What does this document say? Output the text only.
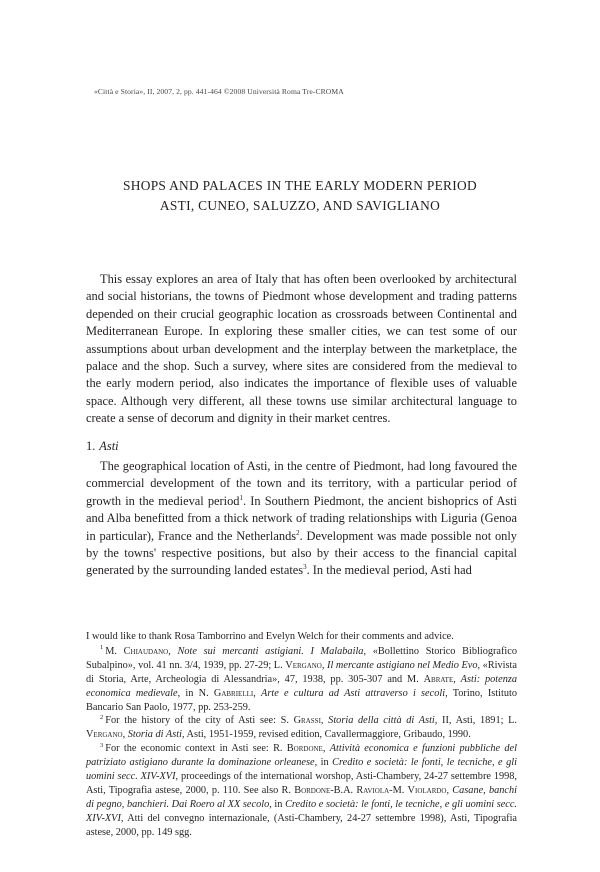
«Città e Storia», II, 2007, 2, pp. 441-464 ©2008 Università Roma Tre-CROMA
SHOPS AND PALACES IN THE EARLY MODERN PERIOD
ASTI, CUNEO, SALUZZO, AND SAVIGLIANO

This essay explores an area of Italy that has often been overlooked by architectural and social historians, the towns of Piedmont whose development and trading patterns depended on their crucial geographic location as crossroads between Continental and Mediterranean Europe. In exploring these smaller cities, we can test some of our assumptions about urban development and the interplay between the marketplace, the palace and the shop. Such a survey, where sites are considered from the medieval to the early modern period, also indicates the importance of flexible uses of valuable space. Although very different, all these towns use similar architectural language to create a sense of decorum and dignity in their market centres.

1. Asti

The geographical location of Asti, in the centre of Piedmont, had long favoured the commercial development of the town and its territory, with a particular period of growth in the medieval period$^1$. In Southern Piedmont, the ancient bishoprics of Asti and Alba benefitted from a thick network of trading relationships with Liguria (Genoa in particular), France and the Netherlands$^2$. Development was made possible not only by the towns' respective positions, but also by their access to the financial capital generated by the surrounding landed estates$^3$. In the medieval period, Asti had

I would like to thank Rosa Tamborrino and Evelyn Welch for their comments and advice.

$^1$ M. Chiaudano, Note sui mercanti astigiani. I Malabaila, «Bollettino Storico Bibliografico Subalpino», vol. 41 nn. 3/4, 1939, pp. 27-29; L. Vergano, Il mercante astigiano nel Medio Evo, «Rivista di Storia, Arte, Archeologia di Alessandria», 47, 1938, pp. 305-307 and M. Abrate, Asti: potenza economica medievale, in N. Gabrielli, Arte e cultura ad Asti attraverso i secoli, Torino, Istituto Bancario San Paolo, 1977, pp. 253-259.

$^2$ For the history of the city of Asti see: S. Grassi, Storia della città di Asti, II, Asti, 1891; L. Vergano, Storia di Asti, Asti, 1951-1959, revised edition, Cavallermaggiore, Gribaudo, 1990.

$^3$ For the economic context in Asti see: R. Bordone, Attività economica e funzioni pubbliche del patriziato astigiano durante la dominazione orleanese, in Credito e società: le fonti, le tecniche, e gli uomini secc. XIV-XVI, proceedings of the international worshop, Asti-Chambery, 24-27 settembre 1998, Asti, Tipografia astese, 2000, p. 110. See also R. Bordone-B.A. Raviola-M. Violardo, Casane, banchi di pegno, banchieri. Dai Roero al XX secolo, in Credito e società: le fonti, le tecniche, e gli uomini secc. XIV-XVI, Atti del convegno internazionale, (Asti-Chambery, 24-27 settembre 1998), Asti, Tipografia astese, 2000, pp. 149 sgg.
